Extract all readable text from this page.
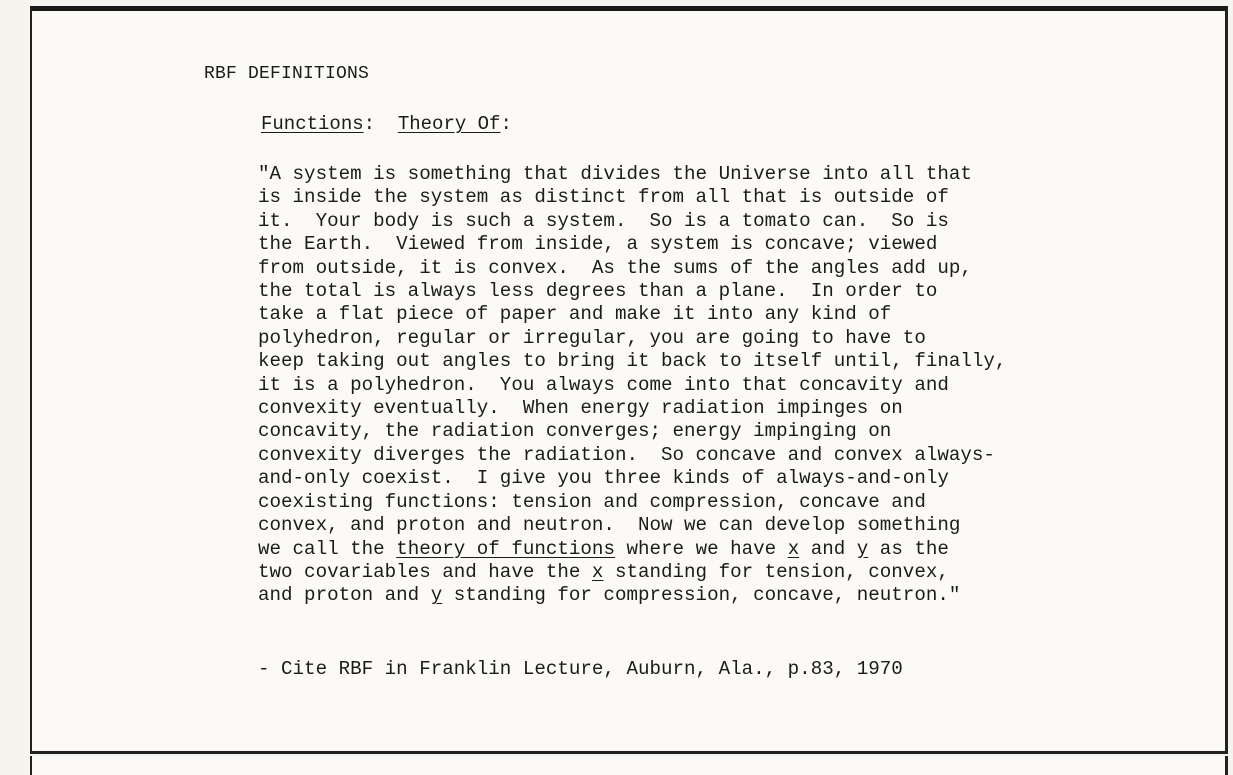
RBF DEFINITIONS
Functions: Theory Of:
"A system is something that divides the Universe into all that
is inside the system as distinct from all that is outside of
it.  Your body is such a system.  So is a tomato can.  So is
the Earth.  Viewed from inside, a system is concave; viewed
from outside, it is convex.  As the sums of the angles add up,
the total is always less degrees than a plane.  In order to
take a flat piece of paper and make it into any kind of
polyhedron, regular or irregular, you are going to have to
keep taking out angles to bring it back to itself until, finally,
it is a polyhedron.  You always come into that concavity and
convexity eventually.  When energy radiation impinges on
concavity, the radiation converges; energy impinging on
convexity diverges the radiation.  So concave and convex always-
and-only coexist.  I give you three kinds of always-and-only
coexisting functions: tension and compression, concave and
convex, and proton and neutron.  Now we can develop something
we call the theory of functions where we have x and y as the
two covariables and have the x standing for tension, convex,
and proton and y standing for compression, concave, neutron."
- Cite RBF in Franklin Lecture, Auburn, Ala., p.83, 1970
